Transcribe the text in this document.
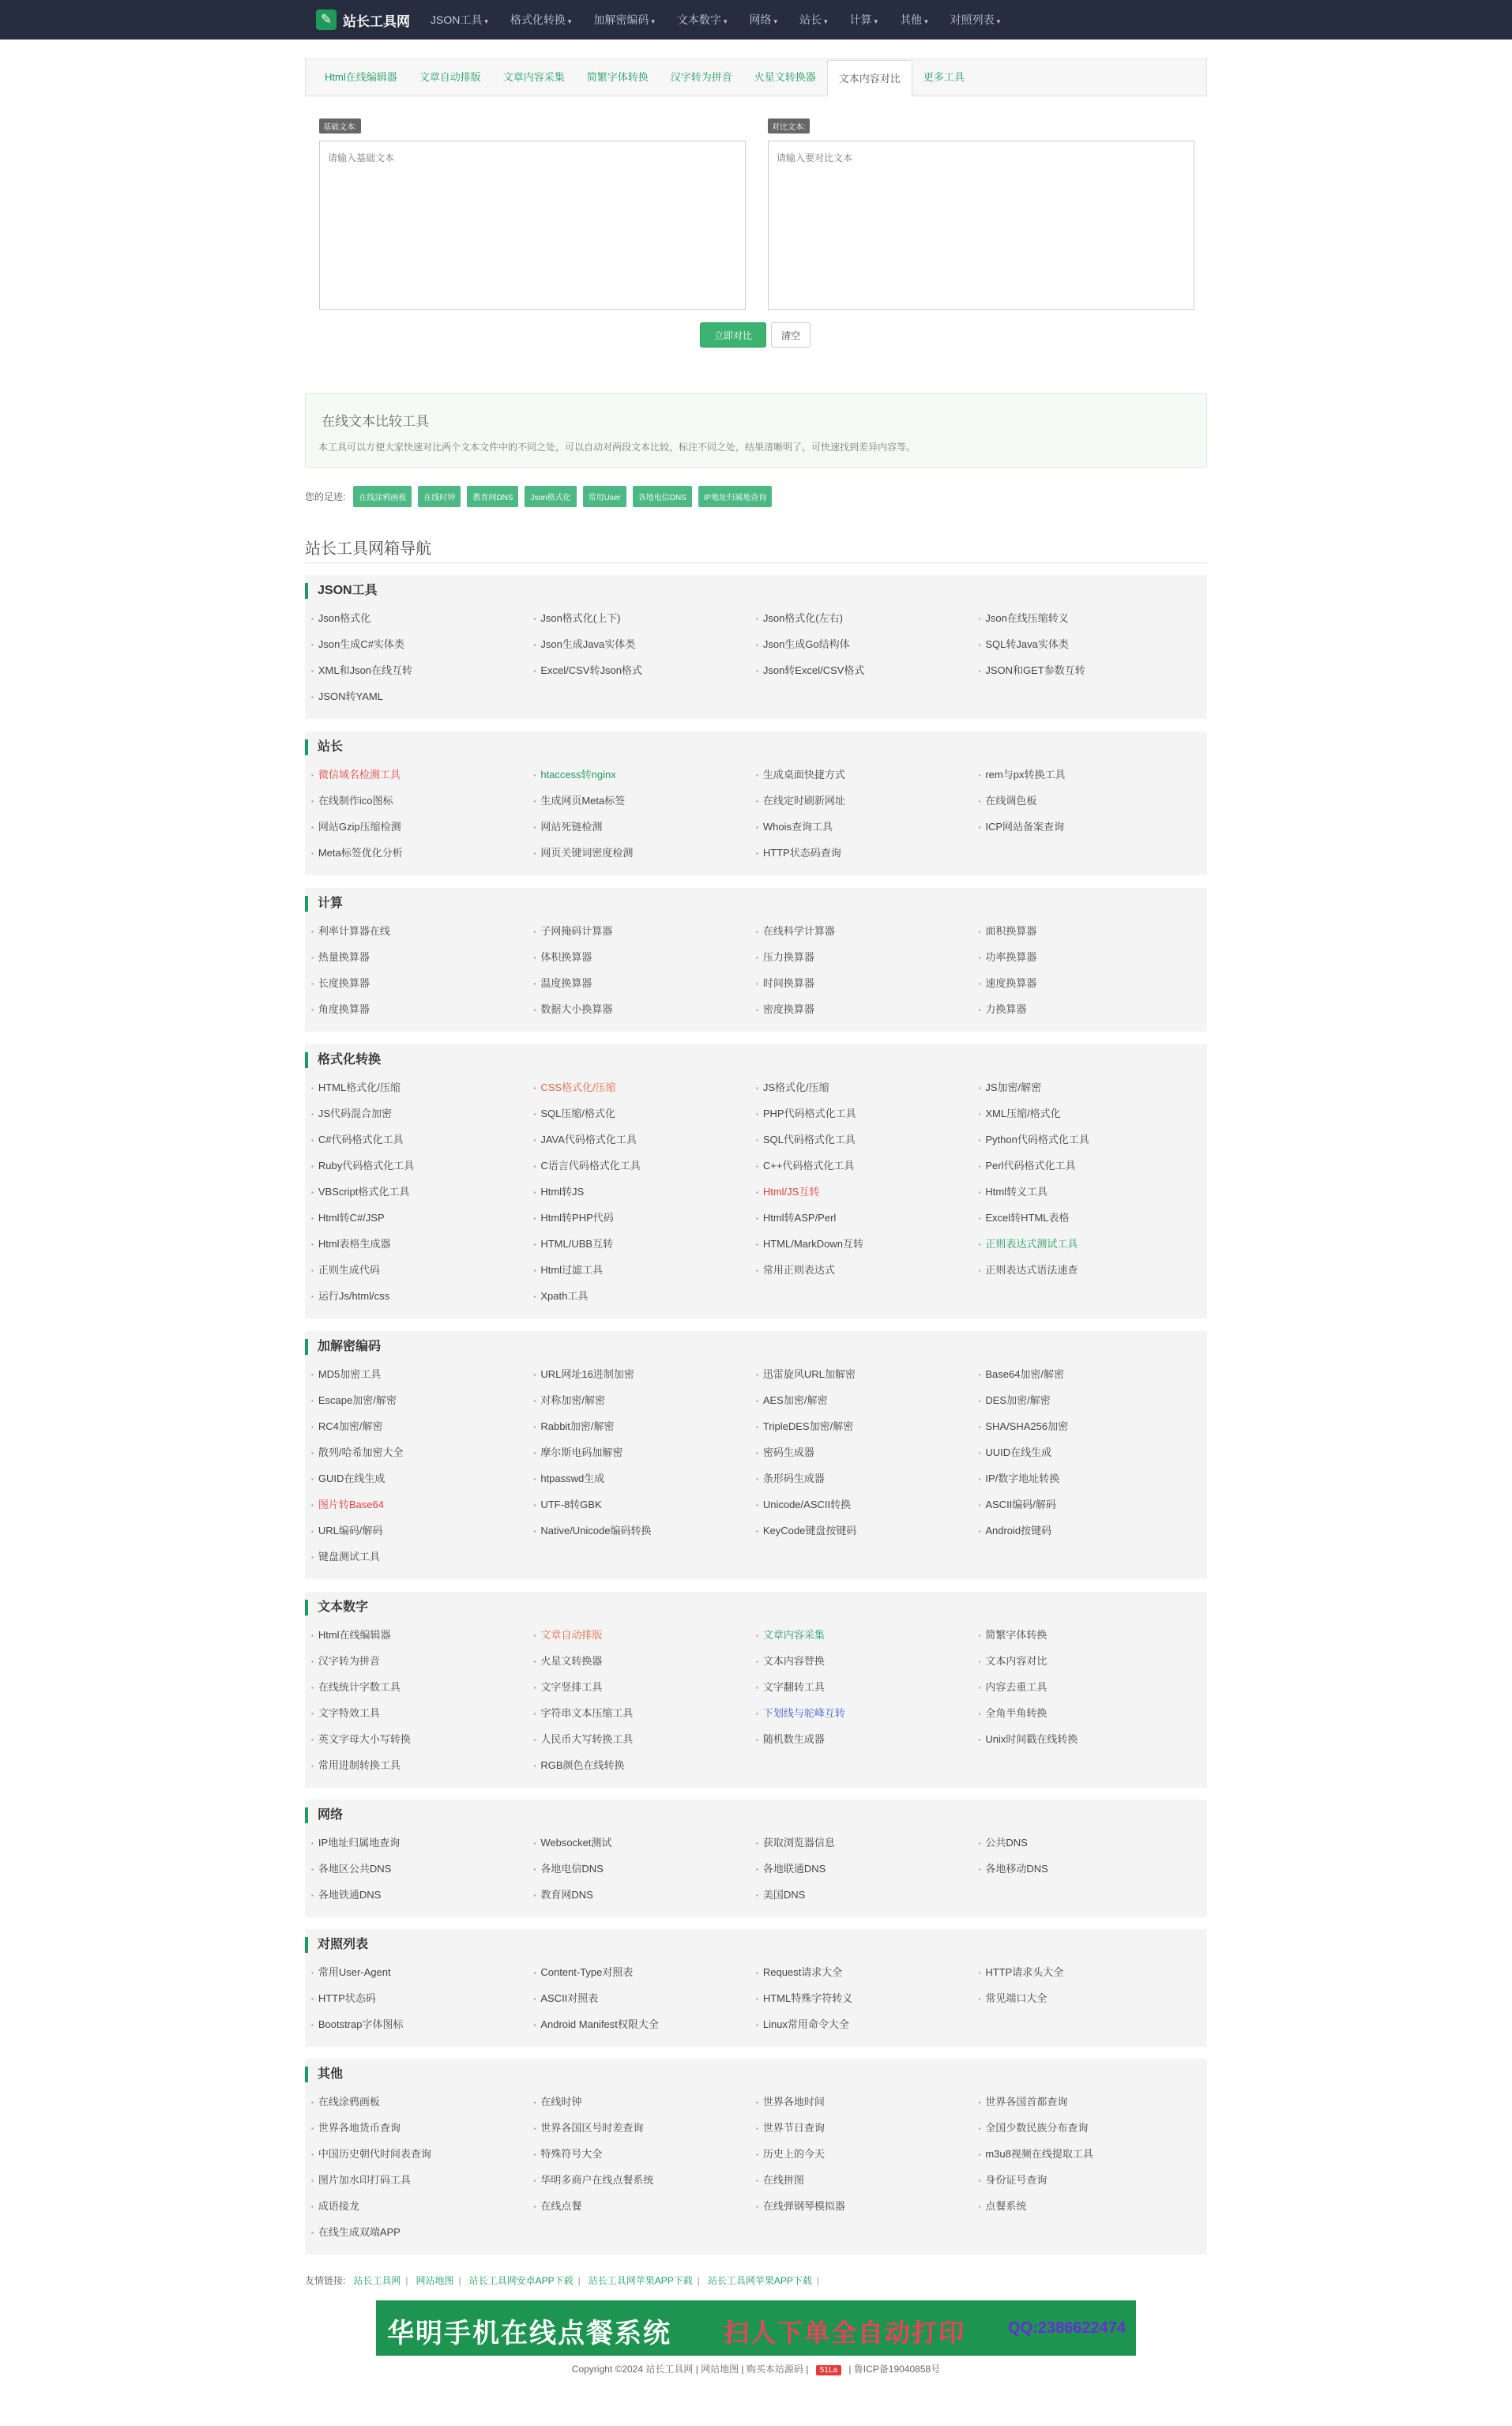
✎ 站长工具网 JSON工具 ▾ 格式化转换 ▾ 加解密编码 ▾ 文本数字 ▾ 网络 ▾ 站长 ▾ 计算 ▾ 其他 ▾ 对照列表 ▾
Html在线编辑器	文章自动排版	文章内容采集	简繁字体转换	汉字转为拼音	火星文转换器	文本内容对比	更多工具
基础文本:
请输入基础文本	对比文本:
请输入要对比文本
立即对比	清空
在线文本比较工具
本工具可以方便大家快速对比两个文本文件中的不同之处，可以自动对两段文本比较，标注不同之处，结果清晰明了，可快速找到差异内容等。
您的足迹:	在线涂鸦画板	在线时钟	教育网DNS	Json格式化	常用User	各地电信DNS	IP地址归属地查询
站长工具网箱导航
JSON工具
▪ Json格式化	▪ Json格式化(上下)	▪ Json格式化(左右)	▪ Json在线压缩转义
▪ Json生成C#实体类	▪ Json生成Java实体类	▪ Json生成Go结构体	▪ SQL转Java实体类
▪ XML和Json在线互转	▪ Excel/CSV转Json格式	▪ Json转Excel/CSV格式	▪ JSON和GET参数互转
▪ JSON转YAML
站长
▪ 微信域名检测工具	▪ htaccess转nginx	▪ 生成桌面快捷方式	▪ rem与px转换工具
▪ 在线制作ico图标	▪ 生成网页Meta标签	▪ 在线定时刷新网址	▪ 在线调色板
▪ 网站Gzip压缩检测	▪ 网站死链检测	▪ Whois查询工具	▪ ICP网站备案查询
▪ Meta标签优化分析	▪ 网页关键词密度检测	▪ HTTP状态码查询
计算
▪ 利率计算器在线	▪ 子网掩码计算器	▪ 在线科学计算器	▪ 面积换算器
▪ 热量换算器	▪ 体积换算器	▪ 压力换算器	▪ 功率换算器
▪ 长度换算器	▪ 温度换算器	▪ 时间换算器	▪ 速度换算器
▪ 角度换算器	▪ 数据大小换算器	▪ 密度换算器	▪ 力换算器
格式化转换
▪ HTML格式化/压缩	▪ CSS格式化/压缩	▪ JS格式化/压缩	▪ JS加密/解密
▪ JS代码混合加密	▪ SQL压缩/格式化	▪ PHP代码格式化工具	▪ XML压缩/格式化
▪ C#代码格式化工具	▪ JAVA代码格式化工具	▪ SQL代码格式化工具	▪ Python代码格式化工具
▪ Ruby代码格式化工具	▪ C语言代码格式化工具	▪ C++代码格式化工具	▪ Perl代码格式化工具
▪ VBScript格式化工具	▪ Html转JS	▪ Html/JS互转	▪ Html转义工具
▪ Html转C#/JSP	▪ Html转PHP代码	▪ Html转ASP/Perl	▪ Excel转HTML表格
▪ Html表格生成器	▪ HTML/UBB互转	▪ HTML/MarkDown互转	▪ 正则表达式测试工具
▪ 正则生成代码	▪ Html过滤工具	▪ 常用正则表达式	▪ 正则表达式语法速查
▪ 运行Js/html/css	▪ Xpath工具
加解密编码
▪ MD5加密工具	▪ URL网址16进制加密	▪ 迅雷旋风URL加解密	▪ Base64加密/解密
▪ Escape加密/解密	▪ 对称加密/解密	▪ AES加密/解密	▪ DES加密/解密
▪ RC4加密/解密	▪ Rabbit加密/解密	▪ TripleDES加密/解密	▪ SHA/SHA256加密
▪ 散列/哈希加密大全	▪ 摩尔斯电码加解密	▪ 密码生成器	▪ UUID在线生成
▪ GUID在线生成	▪ htpasswd生成	▪ 条形码生成器	▪ IP/数字地址转换
▪ 图片转Base64	▪ UTF-8转GBK	▪ Unicode/ASCII转换	▪ ASCII编码/解码
▪ URL编码/解码	▪ Native/Unicode编码转换	▪ KeyCode键盘按键码	▪ Android按键码
▪ 键盘测试工具
文本数字
▪ Html在线编辑器	▪ 文章自动排版	▪ 文章内容采集	▪ 简繁字体转换
▪ 汉字转为拼音	▪ 火星文转换器	▪ 文本内容替换	▪ 文本内容对比
▪ 在线统计字数工具	▪ 文字竖排工具	▪ 文字翻转工具	▪ 内容去重工具
▪ 文字特效工具	▪ 字符串文本压缩工具	▪ 下划线与驼峰互转	▪ 全角半角转换
▪ 英文字母大小写转换	▪ 人民币大写转换工具	▪ 随机数生成器	▪ Unix时间戳在线转换
▪ 常用进制转换工具	▪ RGB颜色在线转换
网络
▪ IP地址归属地查询	▪ Websocket测试	▪ 获取浏览器信息	▪ 公共DNS
▪ 各地区公共DNS	▪ 各地电信DNS	▪ 各地联通DNS	▪ 各地移动DNS
▪ 各地铁通DNS	▪ 教育网DNS	▪ 美国DNS
对照列表
▪ 常用User-Agent	▪ Content-Type对照表	▪ Request请求大全	▪ HTTP请求头大全
▪ HTTP状态码	▪ ASCII对照表	▪ HTML特殊字符转义	▪ 常见端口大全
▪ Bootstrap字体图标	▪ Android Manifest权限大全	▪ Linux常用命令大全
其他
▪ 在线涂鸦画板	▪ 在线时钟	▪ 世界各地时间	▪ 世界各国首都查询
▪ 世界各地货币查询	▪ 世界各国区号时差查询	▪ 世界节日查询	▪ 全国少数民族分布查询
▪ 中国历史朝代时间表查询	▪ 特殊符号大全	▪ 历史上的今天	▪ m3u8视频在线提取工具
▪ 图片加水印打码工具	▪ 华明多商户在线点餐系统	▪ 在线拼图	▪ 身份证号查询
▪ 成语接龙	▪ 在线点餐	▪ 在线弹钢琴模拟器	▪ 点餐系统
▪ 在线生成双端APP
友情链接: 站长工具网 |	网站地图 |	站长工具网安卓APP下载 |	站长工具网苹果APP下载 |	站长工具网苹果APP下载 |
华明手机在线点餐系统 扫人下单全自动打印	QQ:2386622474
Copyright ©2024 站长工具网 | 网站地图 | 购买本站源码 | 51La | 鲁ICP备19040858号
